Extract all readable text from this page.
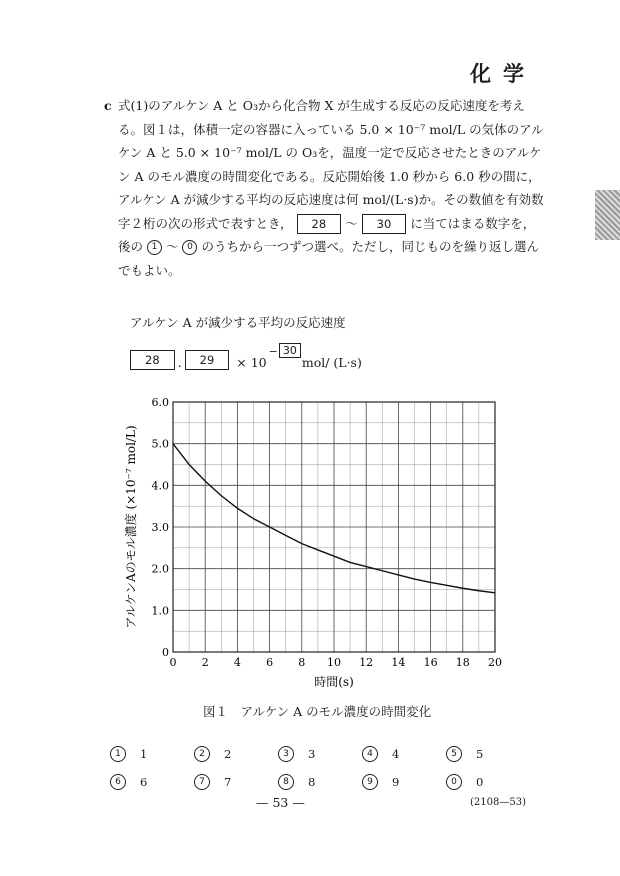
化学
c 式(1)のアルケン A と O₃から化合物 X が生成する反応の反応速度を考える。図１は，体積一定の容器に入っている 5.0 × 10⁻⁷ mol/L の気体のアルケン A と 5.0 × 10⁻⁷ mol/L の O₃を，温度一定で反応させたときのアルケン A のモル濃度の時間変化である。反応開始後 1.0 秒から 6.0 秒の間に，アルケン A が減少する平均の反応速度は何 mol/(L·s)か。その数値を有効数字２桁の次の形式で表すとき， 28 ～ 30 に当てはまる数字を，後の 1 ～ 0 のうちから一つずつ選べ。ただし，同じものを繰り返し選んでもよい。
アルケン A が減少する平均の反応速度
28	.	29	× 10
− 30
mol/ (L·s)
0 2 4 6 8 10 12 14 16 18 20
0
1.0
2.0
3.0
4.0
5.0
6.0
時間(s)
アルケンAのモル濃度 (×10⁻⁷ mol/L)
図１　アルケン A のモル濃度の時間変化
1	1	2	2	3	3	4	4	5	5
6	6	7	7	8	8	9	9	0	0
— 53 —	(2108—53)
